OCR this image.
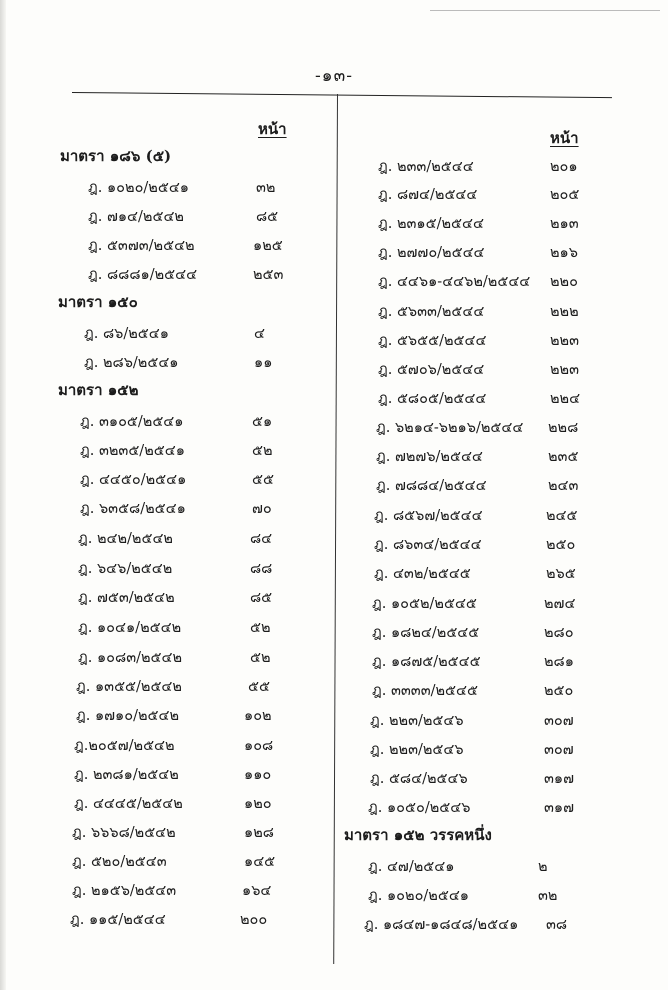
-๑๓-
หน้า
มาตรา ๑๘๖ (๕)
ฎ. ๑๐๒๐/๒๕๔๑	๓๒
ฎ. ๗๑๔/๒๕๔๒	๘๕
ฎ. ๕๓๗๓/๒๕๔๒	๑๒๕
ฎ. ๘๘๘๑/๒๕๔๔	๒๕๓
มาตรา ๑๕๐
ฎ. ๘๖/๒๕๔๑	๔
ฎ. ๒๘๖/๒๕๔๑	๑๑
มาตรา ๑๕๒
ฎ. ๓๑๐๕/๒๕๔๑	๕๑
ฎ. ๓๒๓๕/๒๕๔๑	๕๒
ฎ. ๔๔๕๐/๒๕๔๑	๕๕
ฎ. ๖๓๕๘/๒๕๔๑	๗๐
ฎ. ๒๔๒/๒๕๔๒	๘๔
ฎ. ๖๔๖/๒๕๔๒	๘๘
ฎ. ๗๕๓/๒๕๔๒	๘๕
ฎ. ๑๐๔๑/๒๕๔๒	๕๒
ฎ. ๑๐๘๓/๒๕๔๒	๕๒
ฎ. ๑๓๕๕/๒๕๔๒	๕๕
ฎ. ๑๗๑๐/๒๕๔๒	๑๐๒
ฎ.๒๐๕๗/๒๕๔๒	๑๐๘
ฎ. ๒๓๘๑/๒๕๔๒	๑๑๐
ฎ. ๔๔๔๕/๒๕๔๒	๑๒๐
ฎ. ๖๖๖๘/๒๕๔๒	๑๒๘
ฎ. ๕๒๐/๒๕๔๓	๑๔๕
ฎ. ๒๑๕๖/๒๕๔๓	๑๖๔
ฎ. ๑๑๕/๒๕๔๔	๒๐๐
หน้า
ฎ. ๒๓๓/๒๕๔๔	๒๐๑
ฎ. ๘๗๔/๒๕๔๔	๒๐๕
ฎ. ๒๓๑๕/๒๕๔๔	๒๑๓
ฎ. ๒๗๗๐/๒๕๔๔	๒๑๖
ฎ. ๔๔๖๑-๔๔๖๒/๒๕๔๔ ๒๒๐
ฎ. ๕๖๓๓/๒๕๔๔	๒๒๒
ฎ. ๕๖๕๕/๒๕๔๔	๒๒๓
ฎ. ๕๗๐๖/๒๕๔๔	๒๒๓
ฎ. ๕๘๐๕/๒๕๔๔	๒๒๔
ฎ. ๖๒๑๔-๖๒๑๖/๒๕๔๔ ๒๒๘
ฎ. ๗๒๗๖/๒๕๔๔	๒๓๕
ฎ. ๗๘๘๔/๒๕๔๔	๒๔๓
ฎ. ๘๕๖๗/๒๕๔๔	๒๔๕
ฎ. ๘๖๓๔/๒๕๔๔	๒๕๐
ฎ. ๔๓๒/๒๕๔๕	๒๖๕
ฎ. ๑๐๕๒/๒๕๔๕	๒๗๔
ฎ. ๑๘๒๔/๒๕๔๕	๒๘๐
ฎ. ๑๘๗๕/๒๕๔๕	๒๘๑
ฎ. ๓๓๓๓/๒๕๔๕	๒๕๐
ฎ. ๒๒๓/๒๕๔๖	๓๐๗
ฎ. ๒๒๓/๒๕๔๖	๓๐๗
ฎ. ๕๘๔/๒๕๔๖	๓๑๗
ฎ. ๑๐๕๐/๒๕๔๖	๓๑๗
มาตรา ๑๕๒ วรรคหนึ่ง
ฎ. ๔๗/๒๕๔๑	๒
ฎ. ๑๐๒๐/๒๕๔๑	๓๒
ฎ. ๑๘๔๗-๑๘๔๘/๒๕๔๑ ๓๘
